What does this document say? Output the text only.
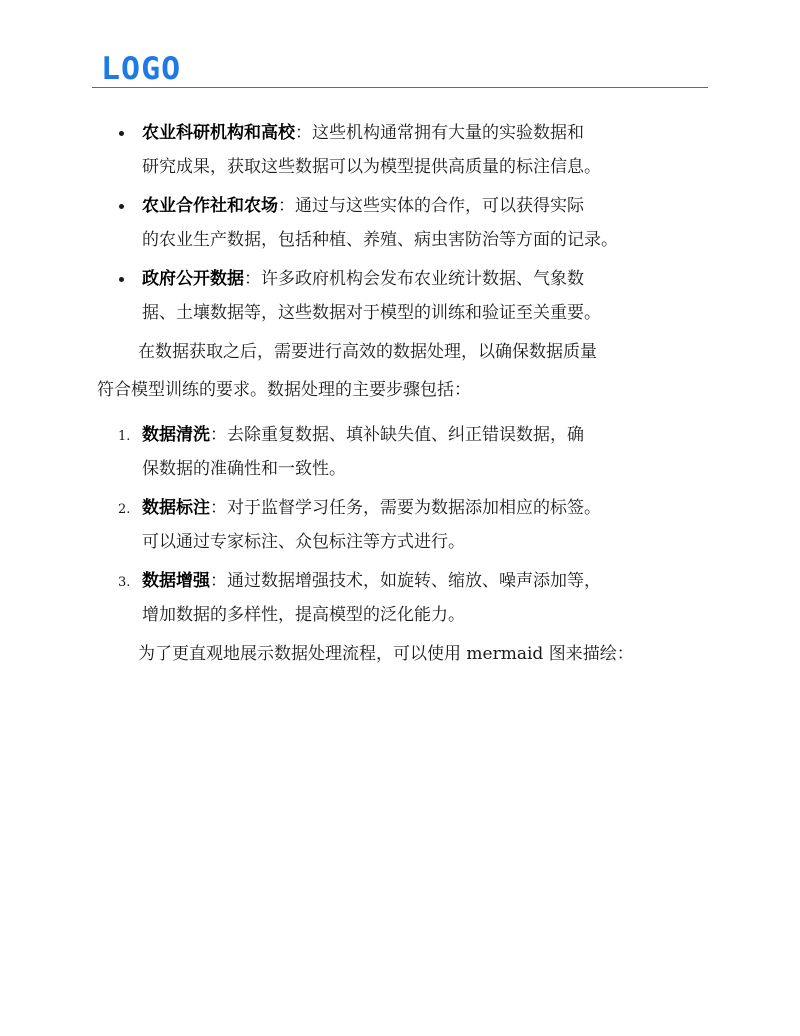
LOGO
农业科研机构和高校：这些机构通常拥有大量的实验数据和
研究成果，获取这些数据可以为模型提供高质量的标注信息。
农业合作社和农场：通过与这些实体的合作，可以获得实际
的农业生产数据，包括种植、养殖、病虫害防治等方面的记录。
政府公开数据：许多政府机构会发布农业统计数据、气象数
据、土壤数据等，这些数据对于模型的训练和验证至关重要。
在数据获取之后，需要进行高效的数据处理，以确保数据质量
符合模型训练的要求。数据处理的主要步骤包括：
1. 数据清洗：去除重复数据、填补缺失值、纠正错误数据，确
保数据的准确性和一致性。
2. 数据标注：对于监督学习任务，需要为数据添加相应的标签。
可以通过专家标注、众包标注等方式进行。
3. 数据增强：通过数据增强技术，如旋转、缩放、噪声添加等，
增加数据的多样性，提高模型的泛化能力。
为了更直观地展示数据处理流程，可以使用 mermaid 图来描绘：
